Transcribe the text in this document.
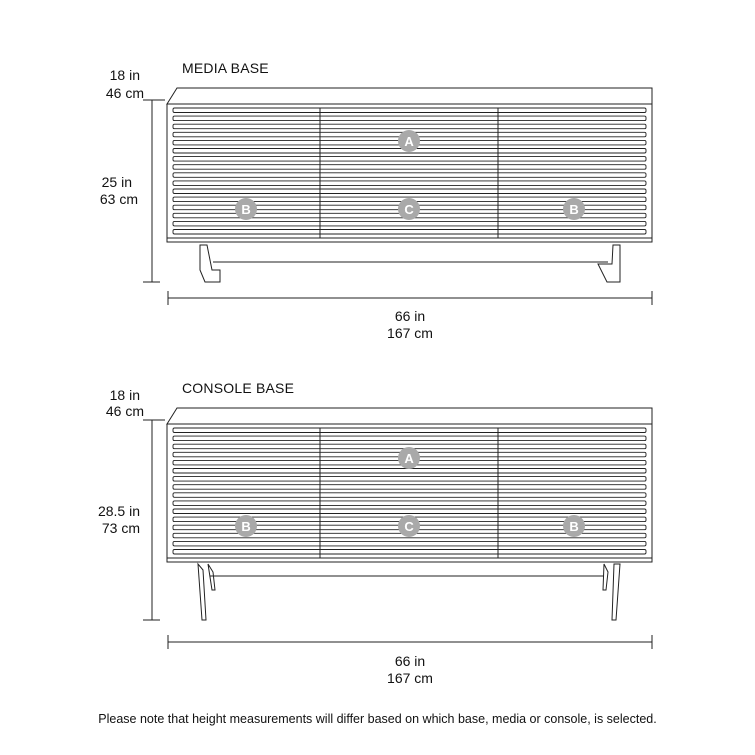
A
B	C	B
MEDIA BASE
18 in
46 cm
25 in
63 cm
66 in
167 cm
A
B	C	B
CONSOLE BASE
18 in
46 cm
28.5 in
73 cm
66 in
167 cm
Please note that height measurements will differ based on which base, media or console, is selected.
